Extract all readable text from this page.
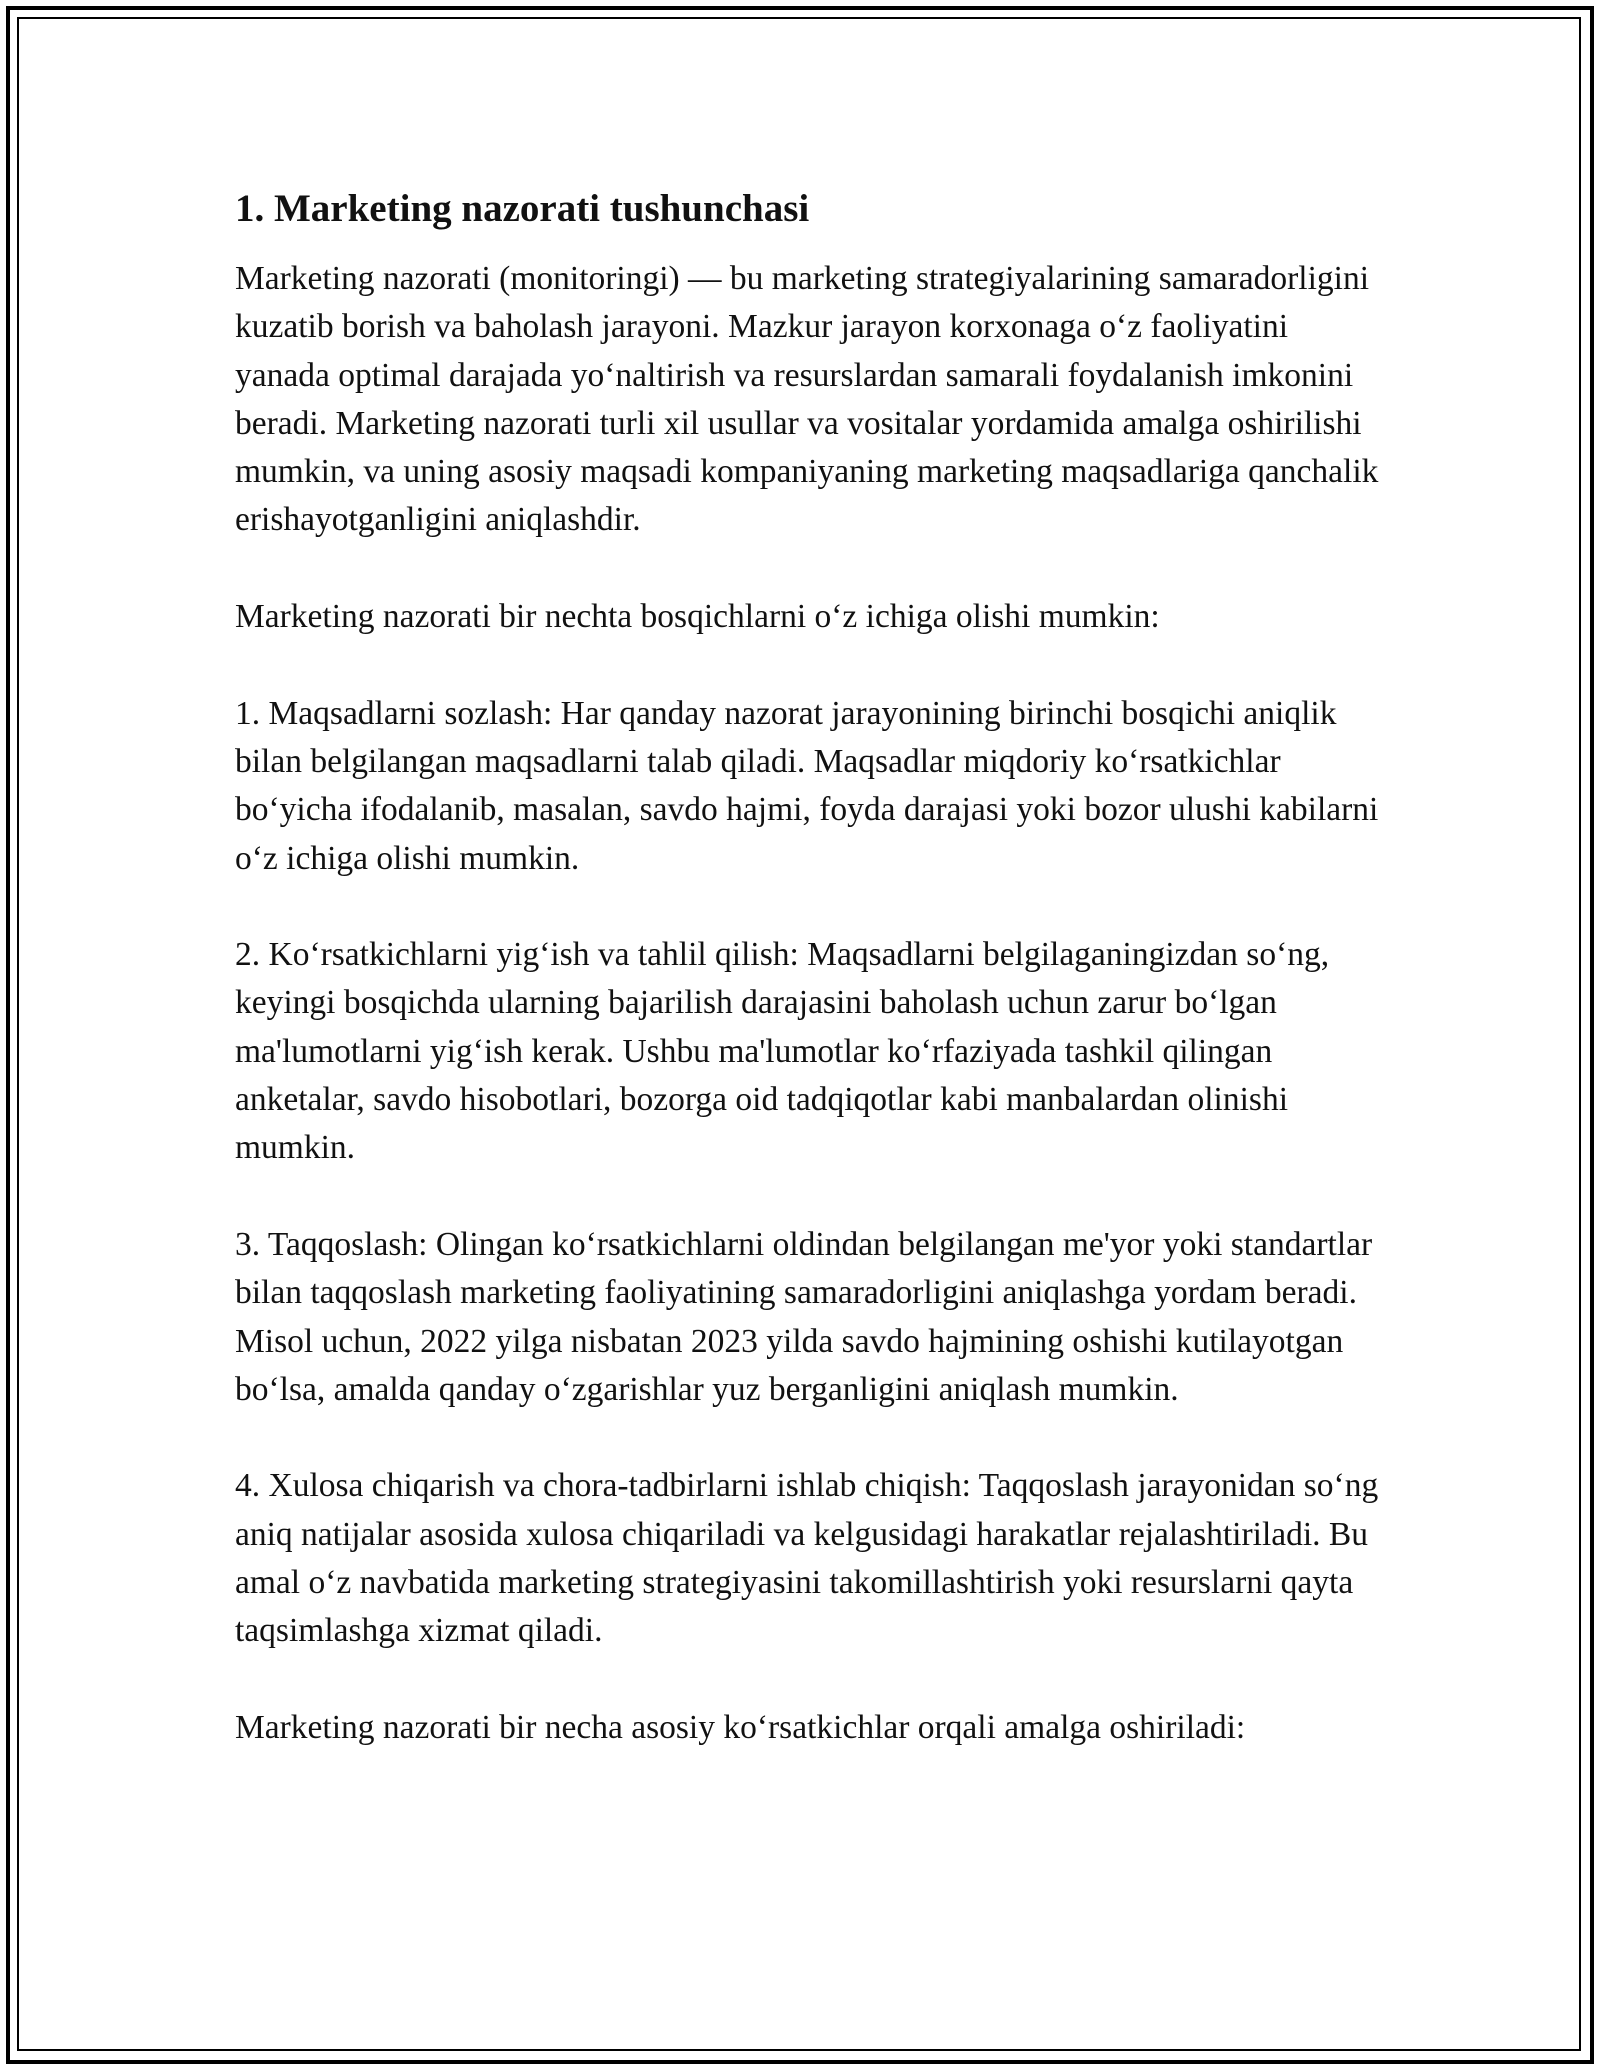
1. Marketing nazorati tushunchasi

Marketing nazorati (monitoringi) — bu marketing strategiyalarining samaradorligini kuzatib borish va baholash jarayoni. Mazkur jarayon korxonaga o‘z faoliyatini yanada optimal darajada yo‘naltirish va resurslardan samarali foydalanish imkonini beradi. Marketing nazorati turli xil usullar va vositalar yordamida amalga oshirilishi mumkin, va uning asosiy maqsadi kompaniyaning marketing maqsadlariga qanchalik erishayotganligini aniqlashdir.

Marketing nazorati bir nechta bosqichlarni o‘z ichiga olishi mumkin:

1. Maqsadlarni sozlash: Har qanday nazorat jarayonining birinchi bosqichi aniqlik bilan belgilangan maqsadlarni talab qiladi. Maqsadlar miqdoriy ko‘rsatkichlar bo‘yicha ifodalanib, masalan, savdo hajmi, foyda darajasi yoki bozor ulushi kabilarni o‘z ichiga olishi mumkin.

2. Ko‘rsatkichlarni yig‘ish va tahlil qilish: Maqsadlarni belgilaganingizdan so‘ng, keyingi bosqichda ularning bajarilish darajasini baholash uchun zarur bo‘lgan ma'lumotlarni yig‘ish kerak. Ushbu ma'lumotlar ko‘rfaziyada tashkil qilingan anketalar, savdo hisobotlari, bozorga oid tadqiqotlar kabi manbalardan olinishi mumkin.

3. Taqqoslash: Olingan ko‘rsatkichlarni oldindan belgilangan me'yor yoki standartlar bilan taqqoslash marketing faoliyatining samaradorligini aniqlashga yordam beradi. Misol uchun, 2022 yilga nisbatan 2023 yilda savdo hajmining oshishi kutilayotgan bo‘lsa, amalda qanday o‘zgarishlar yuz berganligini aniqlash mumkin.

4. Xulosa chiqarish va chora-tadbirlarni ishlab chiqish: Taqqoslash jarayonidan so‘ng aniq natijalar asosida xulosa chiqariladi va kelgusidagi harakatlar rejalashtiriladi. Bu amal o‘z navbatida marketing strategiyasini takomillashtirish yoki resurslarni qayta taqsimlashga xizmat qiladi.

Marketing nazorati bir necha asosiy ko‘rsatkichlar orqali amalga oshiriladi:
